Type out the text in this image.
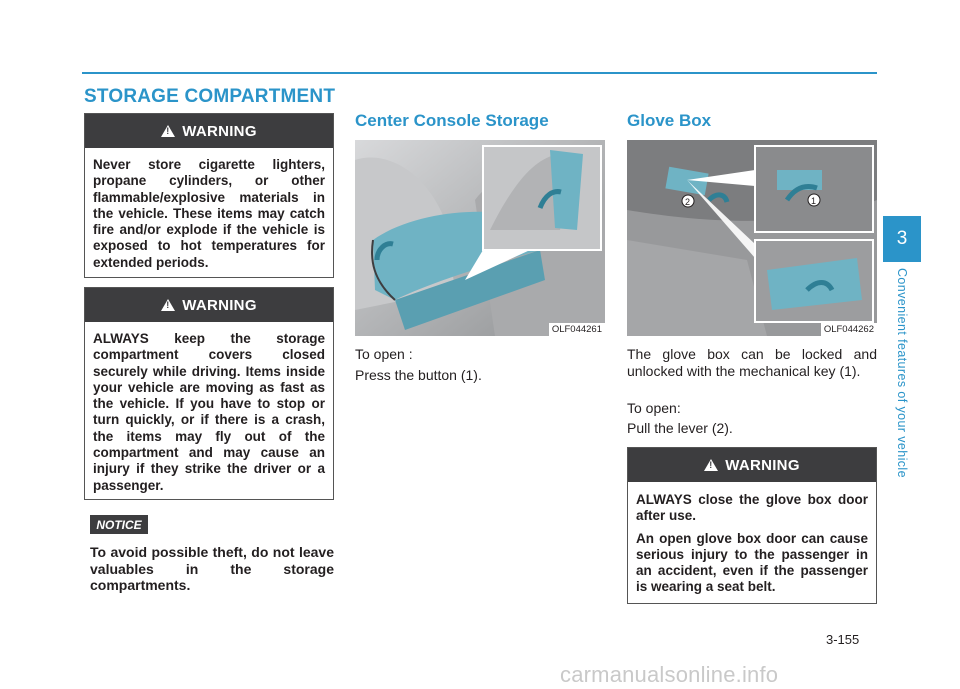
STORAGE COMPARTMENT
!
WARNING

Never store cigarette lighters, propane cylinders, or other flammable/explosive materials in the vehicle. These items may catch fire and/or explode if the vehicle is exposed to hot temperatures for extended periods.

!
WARNING

ALWAYS keep the storage compartment covers closed securely while driving. Items inside your vehicle are moving as fast as the vehicle. If you have to stop or turn quickly, or if there is a crash, the items may fly out of the compartment and may cause an injury if they strike the driver or a passenger.

NOTICE
To avoid possible theft, do not leave valuables in the storage compartments.
Center Console Storage
OLF044261
To open :
Press the button (1).
Glove Box
2	1
OLF044262
The glove box can be locked and unlocked with the mechanical key (1).
To open:
Pull the lever (2).
!
WARNING

ALWAYS close the glove box door after use.

An open glove box door can cause serious injury to the passenger in an accident, even if the passenger is wearing a seat belt.

3
Convenient features of your vehicle
3-155
carmanualsonline.info
